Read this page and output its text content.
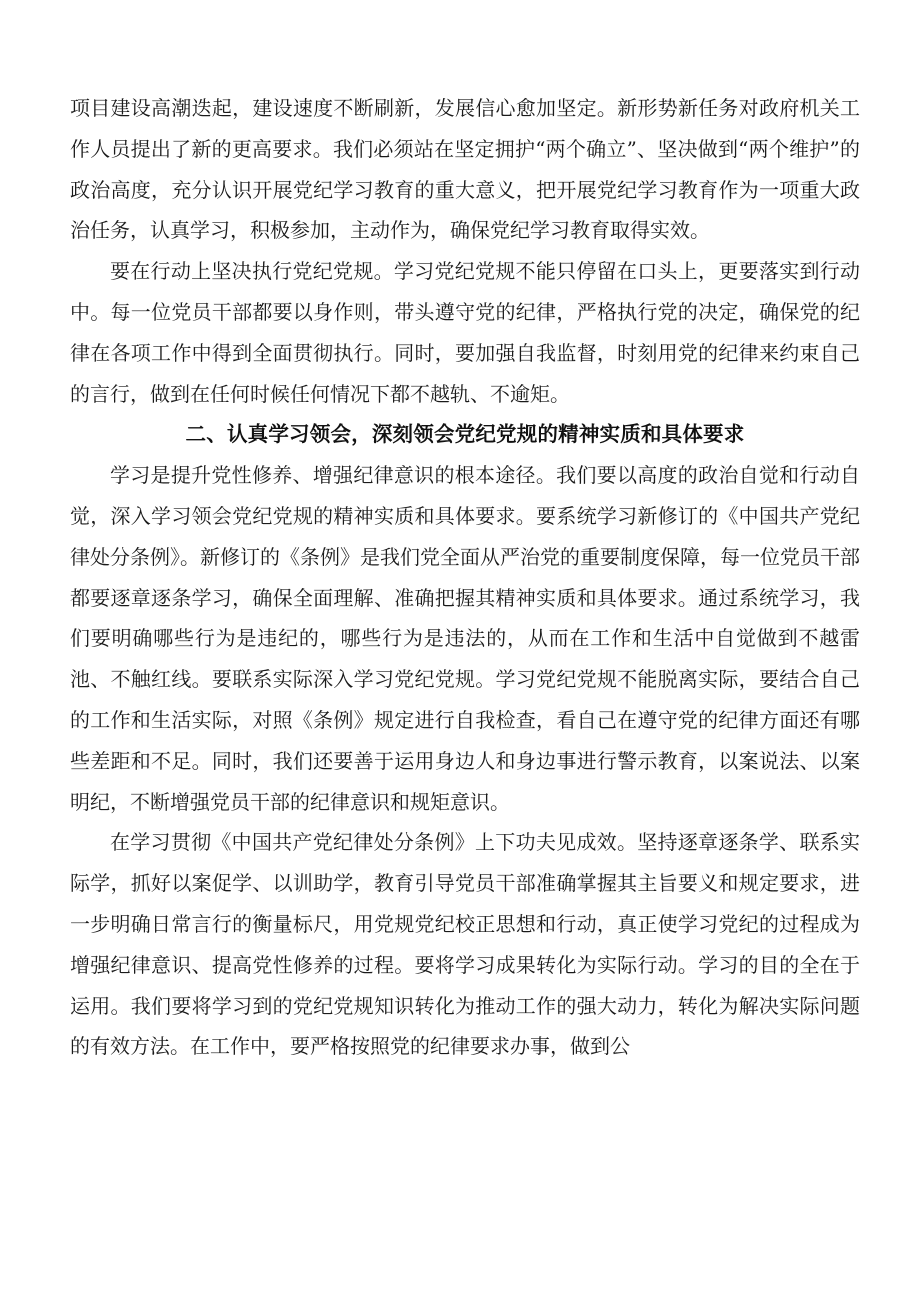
项目建设高潮迭起，建设速度不断刷新，发展信心愈加坚定。新形势新任务对政府机关工作人员提出了新的更高要求。我们必须站在坚定拥护“两个确立”、坚决做到“两个维护”的政治高度，充分认识开展党纪学习教育的重大意义，把开展党纪学习教育作为一项重大政治任务，认真学习，积极参加，主动作为，确保党纪学习教育取得实效。

要在行动上坚决执行党纪党规。学习党纪党规不能只停留在口头上，更要落实到行动中。每一位党员干部都要以身作则，带头遵守党的纪律，严格执行党的决定，确保党的纪律在各项工作中得到全面贯彻执行。同时，要加强自我监督，时刻用党的纪律来约束自己的言行，做到在任何时候任何情况下都不越轨、不逾矩。

二、认真学习领会，深刻领会党纪党规的精神实质和具体要求

学习是提升党性修养、增强纪律意识的根本途径。我们要以高度的政治自觉和行动自觉，深入学习领会党纪党规的精神实质和具体要求。要系统学习新修订的《中国共产党纪律处分条例》。新修订的《条例》是我们党全面从严治党的重要制度保障，每一位党员干部都要逐章逐条学习，确保全面理解、准确把握其精神实质和具体要求。通过系统学习，我们要明确哪些行为是违纪的，哪些行为是违法的，从而在工作和生活中自觉做到不越雷池、不触红线。要联系实际深入学习党纪党规。学习党纪党规不能脱离实际，要结合自己的工作和生活实际，对照《条例》规定进行自我检查，看自己在遵守党的纪律方面还有哪些差距和不足。同时，我们还要善于运用身边人和身边事进行警示教育，以案说法、以案明纪，不断增强党员干部的纪律意识和规矩意识。

在学习贯彻《中国共产党纪律处分条例》上下功夫见成效。坚持逐章逐条学、联系实际学，抓好以案促学、以训助学，教育引导党员干部准确掌握其主旨要义和规定要求，进一步明确日常言行的衡量标尺，用党规党纪校正思想和行动，真正使学习党纪的过程成为增强纪律意识、提高党性修养的过程。要将学习成果转化为实际行动。学习的目的全在于运用。我们要将学习到的党纪党规知识转化为推动工作的强大动力，转化为解决实际问题的有效方法。在工作中，要严格按照党的纪律要求办事，做到公
